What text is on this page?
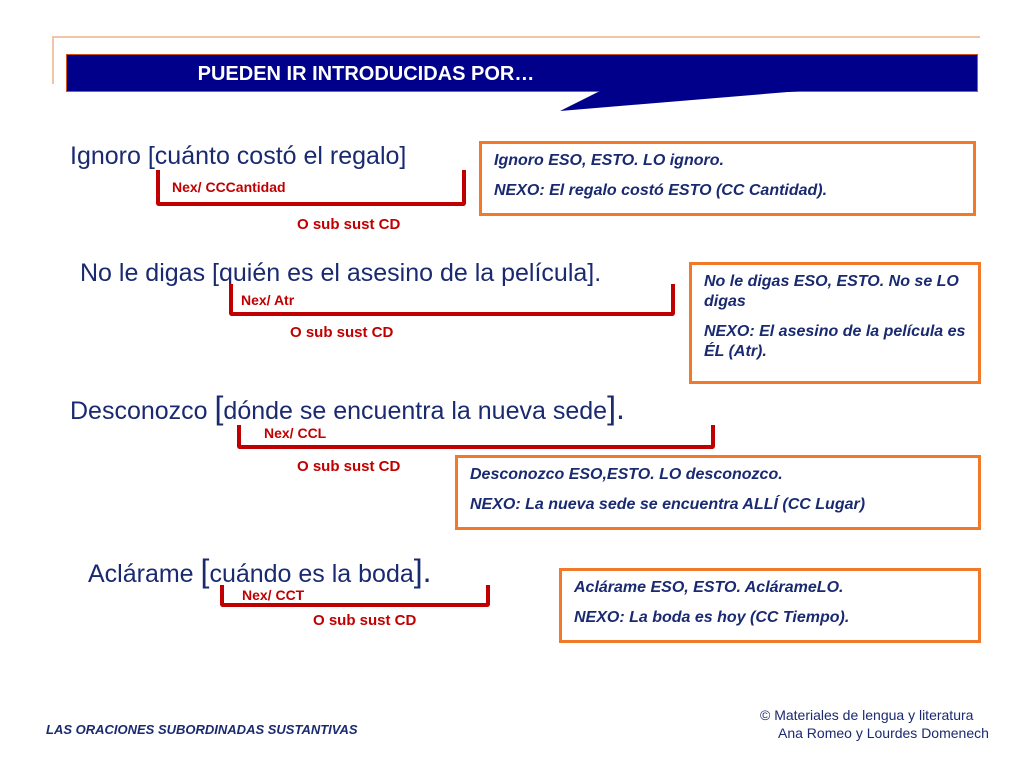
PUEDEN IR INTRODUCIDAS POR…
Ignoro [cuánto costó el regalo]
Nex/ CCCantidad
O sub sust CD

Ignoro ESO, ESTO. LO ignoro.

NEXO: El regalo costó ESTO (CC Cantidad).

No le digas [quién es el asesino de la película].
Nex/ Atr
O sub sust CD

No le digas ESO, ESTO. No se LO digas

NEXO: El asesino de la película es ÉL (Atr).

Desconozco [dónde se encuentra la nueva sede].
Nex/ CCL
O sub sust CD	Desconozco ESO,ESTO. LO desconozco.

NEXO: La nueva sede se encuentra ALLÍ (CC Lugar)

Aclárame [cuándo es la boda].
Nex/ CCT
O sub sust CD

Aclárame ESO, ESTO. AclárameLO.

NEXO: La boda es hoy (CC Tiempo).

LAS ORACIONES SUBORDINADAS SUSTANTIVAS
© Materiales de lengua y literatura
Ana Romeo y Lourdes Domenech
